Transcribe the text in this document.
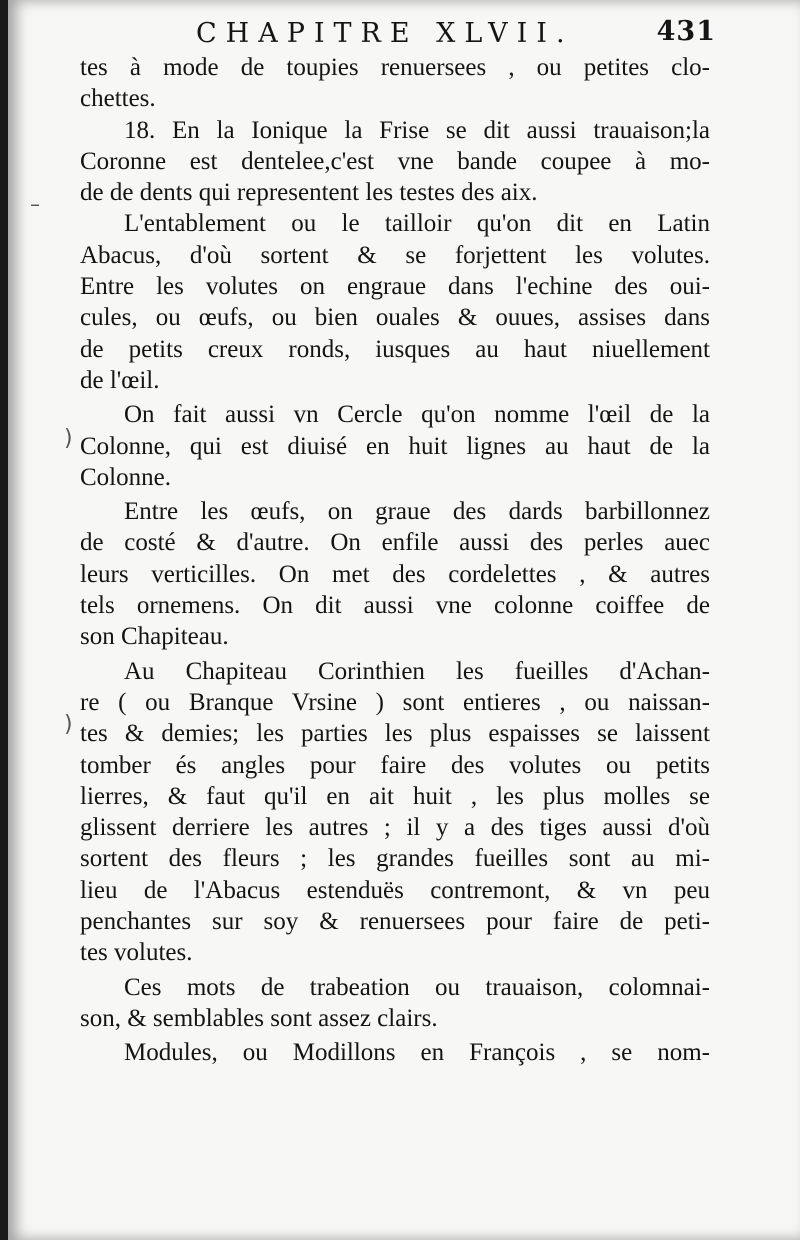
CHAPITRE XLVII.	431
tes à mode de toupies renuersees , ou petites clo-
chettes.
18. En la Ionique la Frise se dit aussi trauaison;la
Coronne est dentelee,c'est vne bande coupee à mo-
de de dents qui representent les testes des aix.
L'entablement ou le tailloir qu'on dit en Latin
Abacus, d'où sortent & se forjettent les volutes.
Entre les volutes on engraue dans l'echine des oui-
cules, ou œufs, ou bien ouales & ouues, assises dans
de petits creux ronds, iusques au haut niuellement
de l'œil.
On fait aussi vn Cercle qu'on nomme l'œil de la
Colonne, qui est diuisé en huit lignes au haut de la
Colonne.
Entre les œufs, on graue des dards barbillonnez
de costé & d'autre. On enfile aussi des perles auec
leurs verticilles. On met des cordelettes , & autres
tels ornemens. On dit aussi vne colonne coiffee de
son Chapiteau.
Au Chapiteau Corinthien les fueilles d'Achan-
re ( ou Branque Vrsine ) sont entieres , ou naissan-
tes & demies; les parties les plus espaisses se laissent
tomber és angles pour faire des volutes ou petits
lierres, & faut qu'il en ait huit , les plus molles se
glissent derriere les autres ; il y a des tiges aussi d'où
sortent des fleurs ; les grandes fueilles sont au mi-
lieu de l'Abacus estenduës contremont, & vn peu
penchantes sur soy & renuersees pour faire de peti-
tes volutes.
Ces mots de trabeation ou trauaison, colomnai-
son, & semblables sont assez clairs.
Modules, ou Modillons en François , se nom-
–
)
)
